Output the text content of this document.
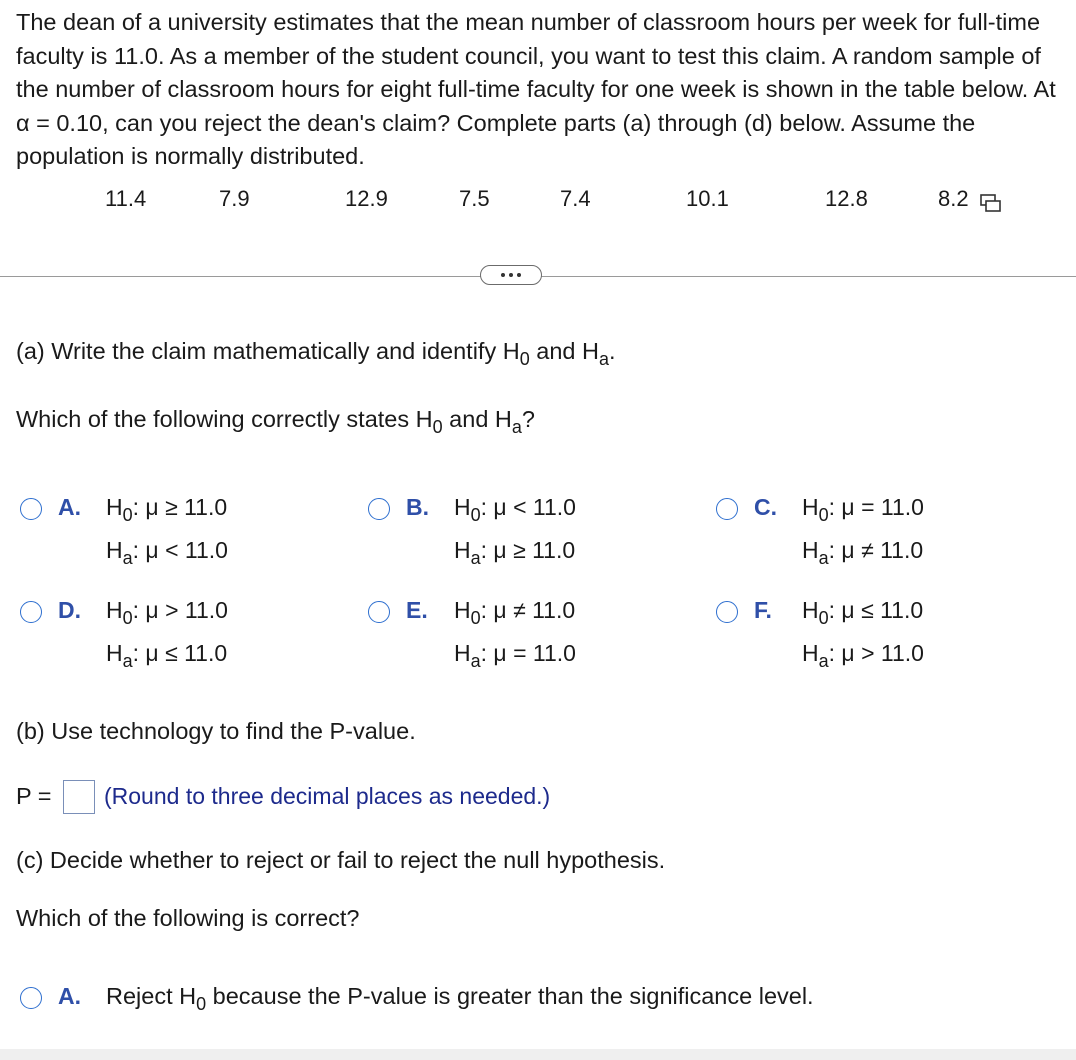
The dean of a university estimates that the mean number of classroom hours per week for full-time faculty is 11.0. As a member of the student council, you want to test this claim. A random sample of the number of classroom hours for eight full-time faculty for one week is shown in the table below. At α = 0.10, can you reject the dean's claim? Complete parts (a) through (d) below. Assume the population is normally distributed.

11.4	7.9	12.9	7.5	7.4	10.1	12.8	8.2
(a) Write the claim mathematically and identify $H_0$ and $H_a$.
Which of the following correctly states $H_0$ and $H_a$?
A. $H_0$: μ ≥ 11.0
$H_a$: μ < 11.0
B. $H_0$: μ < 11.0
$H_a$: μ ≥ 11.0
C. $H_0$: μ = 11.0
$H_a$: μ ≠ 11.0
D. $H_0$: μ > 11.0
$H_a$: μ ≤ 11.0
E. $H_0$: μ ≠ 11.0
$H_a$: μ = 11.0
F. $H_0$: μ ≤ 11.0
$H_a$: μ > 11.0
(b) Use technology to find the P-value.
P = (Round to three decimal places as needed.)
(c) Decide whether to reject or fail to reject the null hypothesis.
Which of the following is correct?
A. Reject $H_0$ because the P-value is greater than the significance level.
